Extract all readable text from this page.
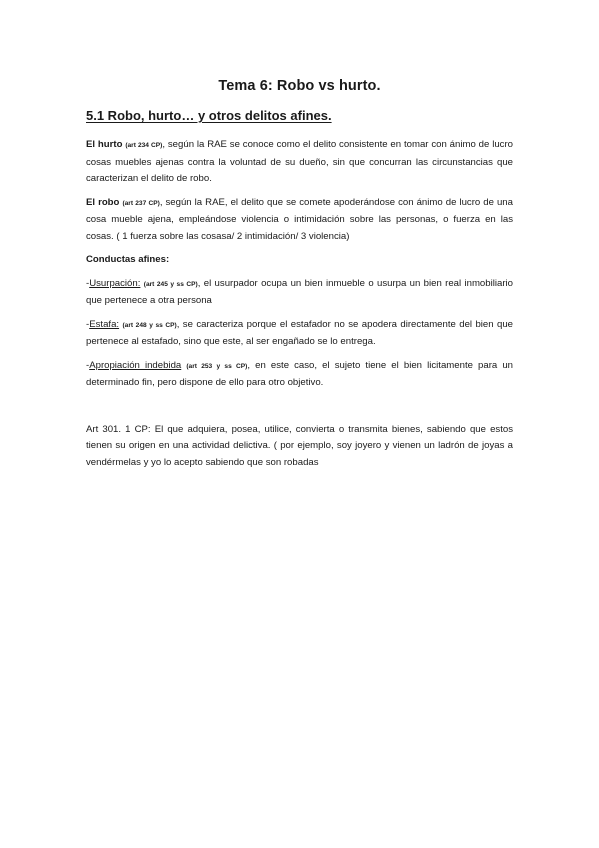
Tema 6: Robo vs hurto.
5.1 Robo, hurto… y otros delitos afines.

El hurto (art 234 CP), según la RAE se conoce como el delito consistente en tomar con ánimo de lucro cosas muebles ajenas contra la voluntad de su dueño, sin que concurran las circunstancias que caracterizan el delito de robo.

El robo (art 237 CP), según la RAE, el delito que se comete apoderándose con ánimo de lucro de una cosa mueble ajena, empleándose violencia o intimidación sobre las personas, o fuerza en las cosas. ( 1 fuerza sobre las cosasa/ 2 intimidación/ 3 violencia)

Conductas afines:

-Usurpación: (art 245 y ss CP), el usurpador ocupa un bien inmueble o usurpa un bien real inmobiliario que pertenece a otra persona

-Estafa: (art 248 y ss CP), se caracteriza porque el estafador no se apodera directamente del bien que pertenece al estafado, sino que este, al ser engañado se lo entrega.

-Apropiación indebida (art 253 y ss CP), en este caso, el sujeto tiene el bien licitamente para un determinado fin, pero dispone de ello para otro objetivo.

Art 301. 1 CP: El que adquiera, posea, utilice, convierta o transmita bienes, sabiendo que estos tienen su origen en una actividad delictiva. ( por ejemplo, soy joyero y vienen un ladrón de joyas a vendérmelas y yo lo acepto sabiendo que son robadas
